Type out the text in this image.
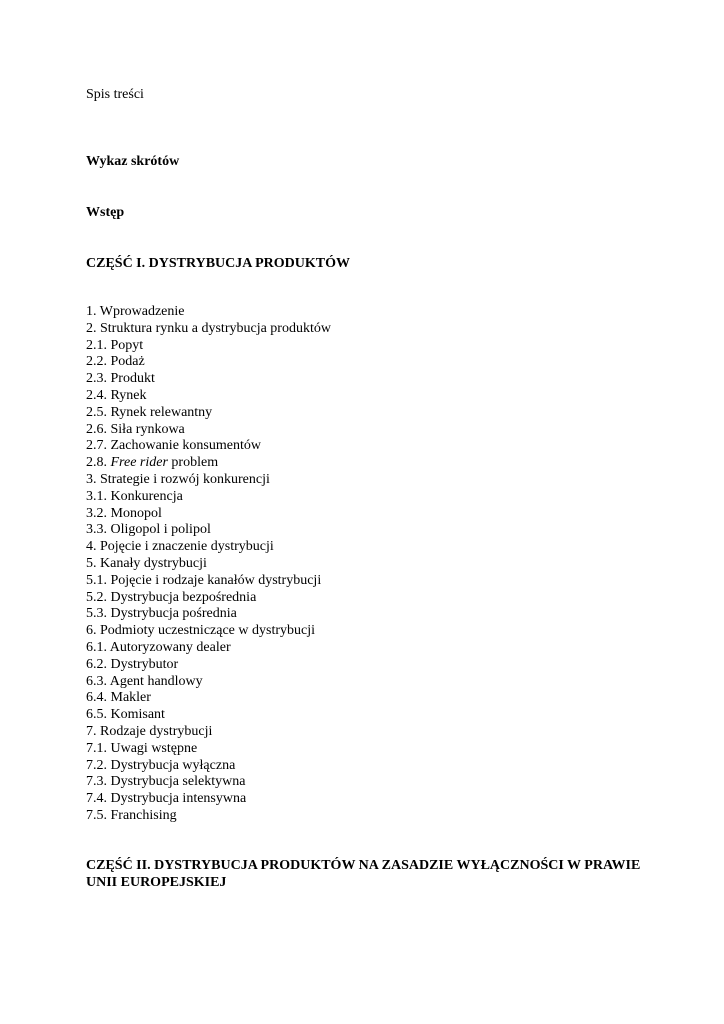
Spis treści
Wykaz skrótów
Wstęp
CZĘŚĆ I. DYSTRYBUCJA PRODUKTÓW
1. Wprowadzenie
2. Struktura rynku a dystrybucja produktów
2.1. Popyt
2.2. Podaż
2.3. Produkt
2.4. Rynek
2.5. Rynek relewantny
2.6. Siła rynkowa
2.7. Zachowanie konsumentów
2.8. Free rider problem
3. Strategie i rozwój konkurencji
3.1. Konkurencja
3.2. Monopol
3.3. Oligopol i polipol
4. Pojęcie i znaczenie dystrybucji
5. Kanały dystrybucji
5.1. Pojęcie i rodzaje kanałów dystrybucji
5.2. Dystrybucja bezpośrednia
5.3. Dystrybucja pośrednia
6. Podmioty uczestniczące w dystrybucji
6.1. Autoryzowany dealer
6.2. Dystrybutor
6.3. Agent handlowy
6.4. Makler
6.5. Komisant
7. Rodzaje dystrybucji
7.1. Uwagi wstępne
7.2. Dystrybucja wyłączna
7.3. Dystrybucja selektywna
7.4. Dystrybucja intensywna
7.5. Franchising
CZĘŚĆ II. DYSTRYBUCJA PRODUKTÓW NA ZASADZIE WYŁĄCZNOŚCI W PRAWIE UNII EUROPEJSKIEJ
